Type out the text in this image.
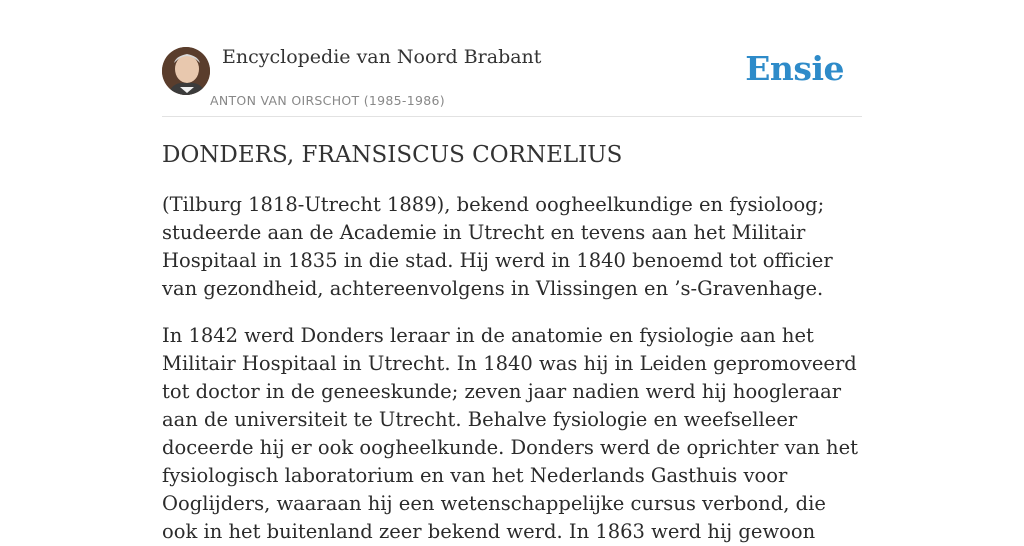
Encyclopedie van Noord Brabant
ANTON VAN OIRSCHOT (1985-1986)
Ensie
DONDERS, FRANSISCUS CORNELIUS

(Tilburg 1818-Utrecht 1889), bekend oogheelkundige en fysioloog; studeerde aan de Academie in Utrecht en tevens aan het Militair Hospitaal in 1835 in die stad. Hij werd in 1840 benoemd tot officier van gezondheid, achtereenvolgens in Vlissingen en ’s-Gravenhage.

In 1842 werd Donders leraar in de anatomie en fysiologie aan het Militair Hospitaal in Utrecht. In 1840 was hij in Leiden gepromoveerd tot doctor in de geneeskunde; zeven jaar nadien werd hij hoogleraar aan de universiteit te Utrecht. Behalve fysiologie en weefselleer doceerde hij er ook oogheelkunde. Donders werd de oprichter van het fysiologisch laboratorium en van het Nederlands Gasthuis voor Ooglijders, waaraan hij een wetenschappelijke cursus verbond, die ook in het buitenland zeer bekend werd. In 1863 werd hij gewoon
